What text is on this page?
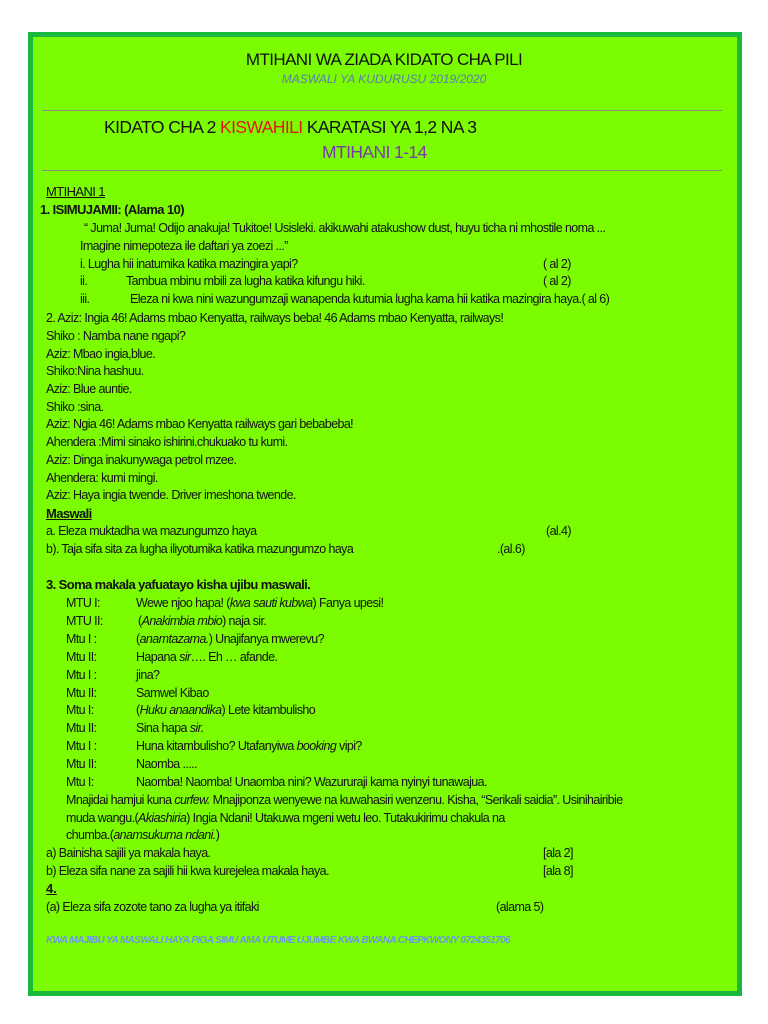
MTIHANI WA ZIADA KIDATO CHA PILI
MASWALI YA KUDURUSU 2019/2020
KIDATO CHA 2 KISWAHILI KARATASI YA 1,2 NA 3
MTIHANI 1-14
MTIHANI 1
1. ISIMUJAMII: (Alama 10)
“ Juma! Juma! Odijo anakuja! Tukitoe! Usisleki. akikuwahi atakushow dust, huyu ticha ni mhostile noma ...
Imagine nimepoteza ile daftari ya zoezi ...”
i. Lugha hii inatumika katika mazingira yapi?	( al 2)
ii.	Tambua mbinu mbili za lugha katika kifungu hiki.	( al 2)
iii.	Eleza ni kwa nini wazungumzaji wanapenda kutumia lugha kama hii katika mazingira haya.( al 6)
2. Aziz: Ingia 46! Adams mbao Kenyatta, railways beba! 46 Adams mbao Kenyatta, railways!
Shiko : Namba nane ngapi?
Aziz: Mbao ingia,blue.
Shiko:Nina hashuu.
Aziz: Blue auntie.
Shiko :sina.
Aziz: Ngia 46! Adams mbao Kenyatta railways gari bebabeba!
Ahendera :Mimi sinako ishirini.chukuako tu kumi.
Aziz: Dinga inakunywaga petrol mzee.
Ahendera: kumi mingi.
Aziz: Haya ingia twende. Driver imeshona twende.
Maswali
a. Eleza muktadha wa mazungumzo haya	(al.4)
b). Taja sifa sita za lugha iliyotumika katika mazungumzo haya	.(al.6)
3. Soma makala yafuatayo kisha ujibu maswali.
MTU I:	Wewe njoo hapa! (kwa sauti kubwa) Fanya upesi!
MTU II:	(Anakimbia mbio) naja sir.
Mtu I :	(anamtazama.) Unajifanya mwerevu?
Mtu II:	Hapana sir…. Eh … afande.
Mtu I :	jina?
Mtu II:	Samwel Kibao
Mtu I:	(Huku anaandika) Lete kitambulisho
Mtu II:	Sina hapa sir.
Mtu I :	Huna kitambulisho? Utafanyiwa booking vipi?
Mtu II:	Naomba .....
Mtu I:	Naomba! Naomba! Unaomba nini? Wazururaji kama nyinyi tunawajua.
Mnajidai hamjui kuna curfew. Mnajiponza wenyewe na kuwahasiri wenzenu. Kisha, “Serikali saidia”. Usinihairibie
muda wangu.(Akiashiria) Ingia Ndani! Utakuwa mgeni wetu leo. Tutakukirimu chakula na
chumba.(anamsukuma ndani.)
a) Bainisha sajili ya makala haya.	[ala 2]
b) Eleza sifa nane za sajili hii kwa kurejelea makala haya.	[ala 8]
4.
(a) Eleza sifa zozote tano za lugha ya itifaki	(alama 5)
KWA MAJIBU YA MASWALI HAYA PIGA SIMU AMA UTUME UJUMBE KWA BWANA CHEPKWONY 0724351706
